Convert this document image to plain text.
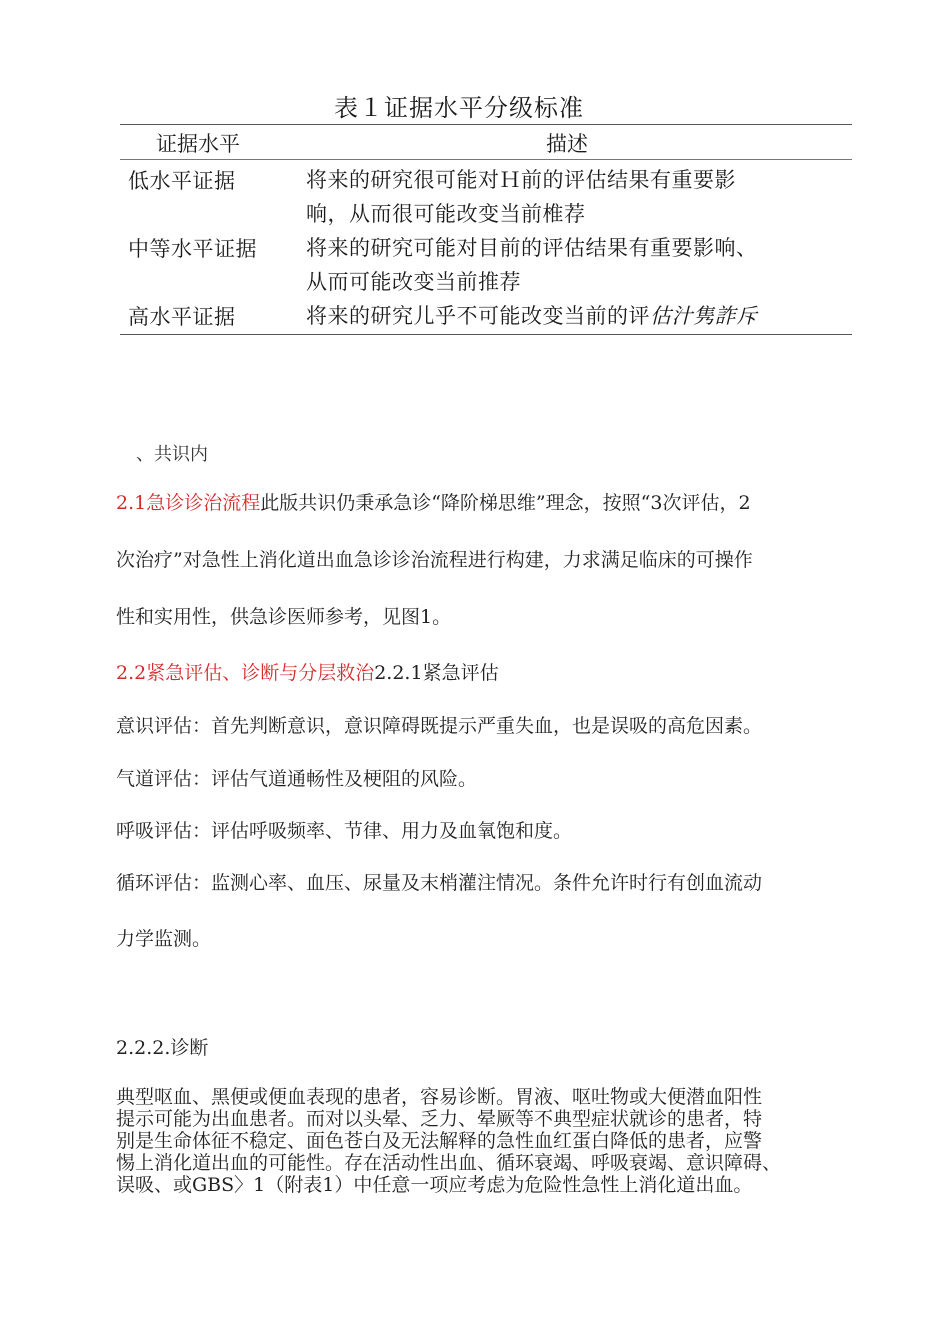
表１证据水平分级标准
证据水平	描述
低水平证据	将来的研究很可能对Ｈ前的评估结果有重要影
响，从而很可能改变当前椎荐
中等水平证据 将来的研究可能对目前的评估结果有重要影响、
从而可能改变当前推荐
高水平证据	将来的研究儿乎不可能改变当前的评估汁隽詐斥
、共识内
2.1急诊诊治流程此版共识仍秉承急诊“降阶梯思维”理念，按照“3次评估，2
次治疗”对急性上消化道出血急诊诊治流程进行构建，力求满足临床的可操作
性和实用性，供急诊医师参考，见图1。
2.2紧急评估、诊断与分层救治2.2.1紧急评估
意识评估：首先判断意识，意识障碍既提示严重失血，也是误吸的高危因素。
气道评估：评估气道通畅性及梗阻的风险。
呼吸评估：评估呼吸频率、节律、用力及血氧饱和度。
循环评估：监测心率、血压、尿量及末梢灌注情况。条件允许时行有创血流动
力学监测。
2.2.2.诊断
典型呕血、黑便或便血表现的患者，容易诊断。胃液、呕吐物或大便潜血阳性
提示可能为出血患者。而对以头晕、乏力、晕厥等不典型症状就诊的患者，特
别是生命体征不稳定、面色苍白及无法解释的急性血红蛋白降低的患者，应警
惕上消化道出血的可能性。存在活动性出血、循环衰竭、呼吸衰竭、意识障碍、
误吸、或GBS〉1（附表1）中任意一项应考虑为危险性急性上消化道出血。
